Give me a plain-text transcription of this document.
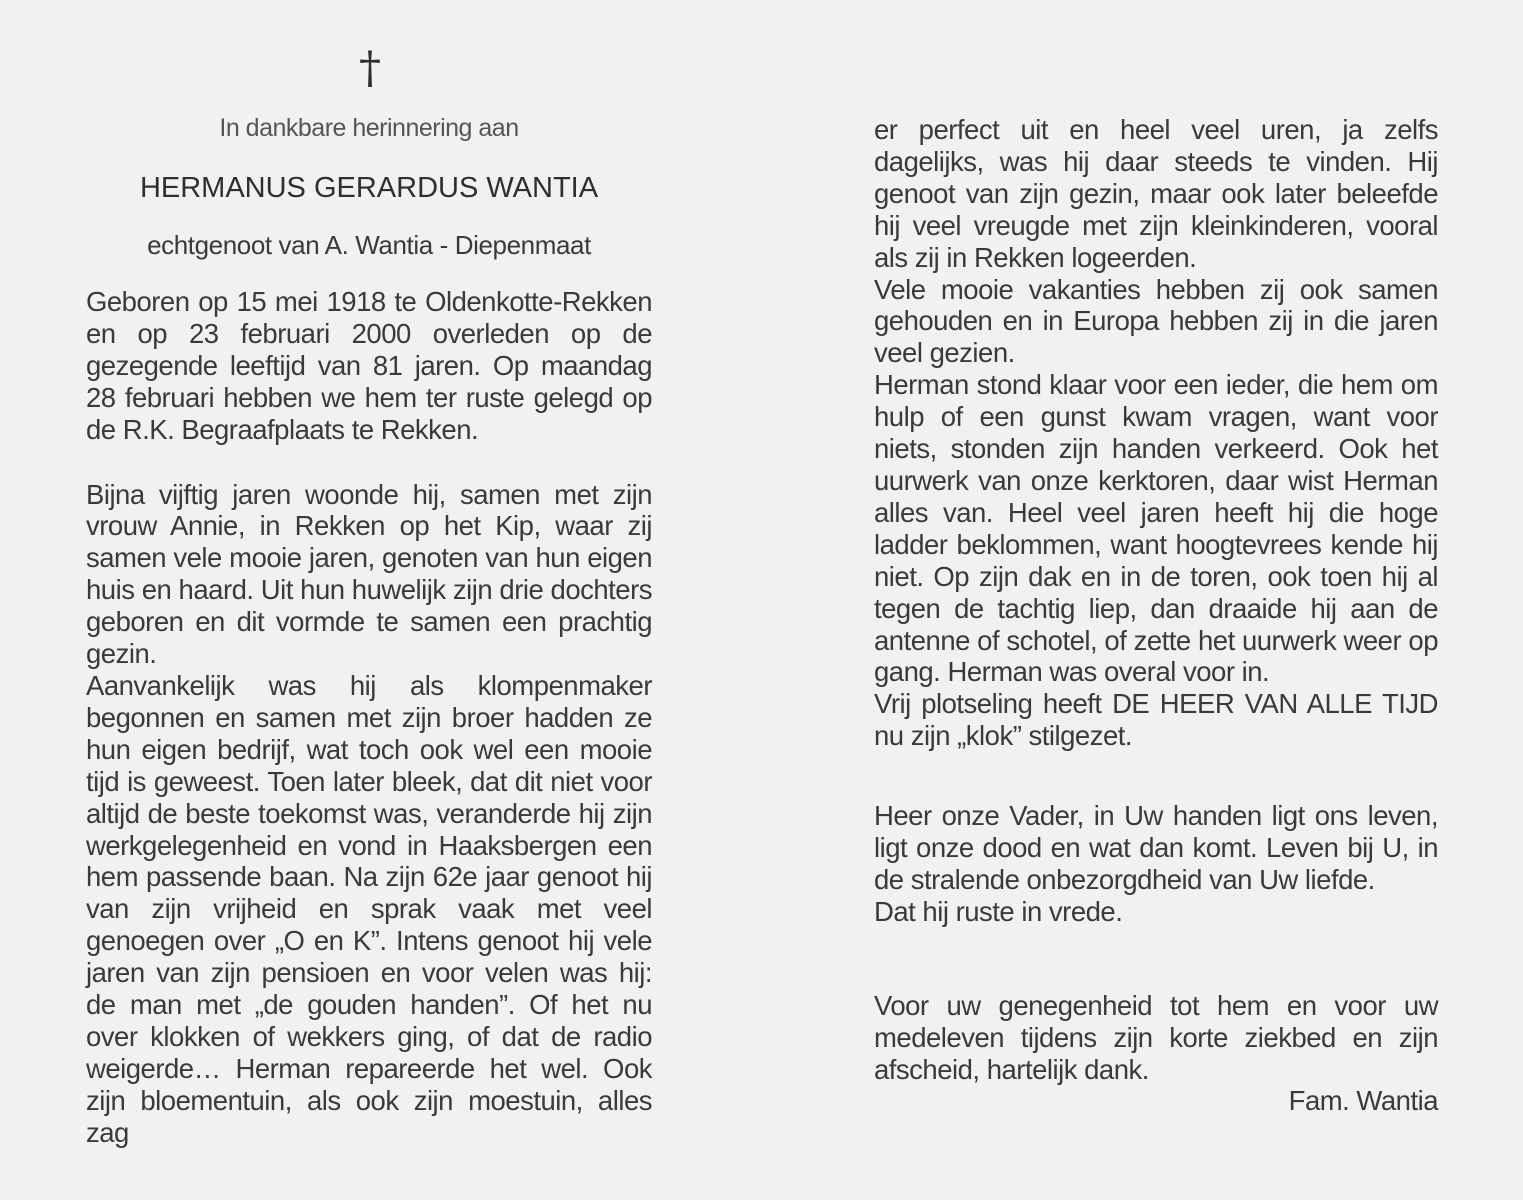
†
In dankbare herinnering aan
HERMANUS GERARDUS WANTIA
echtgenoot van A. Wantia - Diepenmaat

Geboren op 15 mei 1918 te Oldenkotte-Rekken en op 23 februari 2000 overleden op de gezegende leeftijd van 81 jaren. Op maandag 28 februari hebben we hem ter ruste gelegd op de R.K. Begraafplaats te Rekken.

Bijna vijftig jaren woonde hij, samen met zijn vrouw Annie, in Rekken op het Kip, waar zij samen vele mooie jaren, genoten van hun eigen huis en haard. Uit hun huwelijk zijn drie dochters geboren en dit vormde te samen een prachtig gezin.

Aanvankelijk was hij als klompenmaker begonnen en samen met zijn broer hadden ze hun eigen bedrijf, wat toch ook wel een mooie tijd is geweest. Toen later bleek, dat dit niet voor altijd de beste toekomst was, veranderde hij zijn werkgelegenheid en vond in Haaksbergen een hem passende baan. Na zijn 62e jaar genoot hij van zijn vrijheid en sprak vaak met veel genoegen over „O en K”. Intens genoot hij vele jaren van zijn pensioen en voor velen was hij: de man met „de gouden handen”. Of het nu over klokken of wekkers ging, of dat de radio weigerde… Herman repareerde het wel. Ook zijn bloementuin, als ook zijn moestuin, alles zag

er perfect uit en heel veel uren, ja zelfs dagelijks, was hij daar steeds te vinden. Hij genoot van zijn gezin, maar ook later beleefde hij veel vreugde met zijn kleinkinderen, vooral als zij in Rekken logeerden.

Vele mooie vakanties hebben zij ook samen gehouden en in Europa hebben zij in die jaren veel gezien.

Herman stond klaar voor een ieder, die hem om hulp of een gunst kwam vragen, want voor niets, stonden zijn handen verkeerd. Ook het uurwerk van onze kerktoren, daar wist Herman alles van. Heel veel jaren heeft hij die hoge ladder beklommen, want hoogtevrees kende hij niet. Op zijn dak en in de toren, ook toen hij al tegen de tachtig liep, dan draaide hij aan de antenne of schotel, of zette het uurwerk weer op gang. Herman was overal voor in.

Vrij plotseling heeft DE HEER VAN ALLE TIJD nu zijn „klok” stilgezet.

Heer onze Vader, in Uw handen ligt ons leven, ligt onze dood en wat dan komt. Leven bij U, in de stralende onbezorgdheid van Uw liefde.

Dat hij ruste in vrede.

Voor uw genegenheid tot hem en voor uw medeleven tijdens zijn korte ziekbed en zijn afscheid, hartelijk dank.

Fam. Wantia
